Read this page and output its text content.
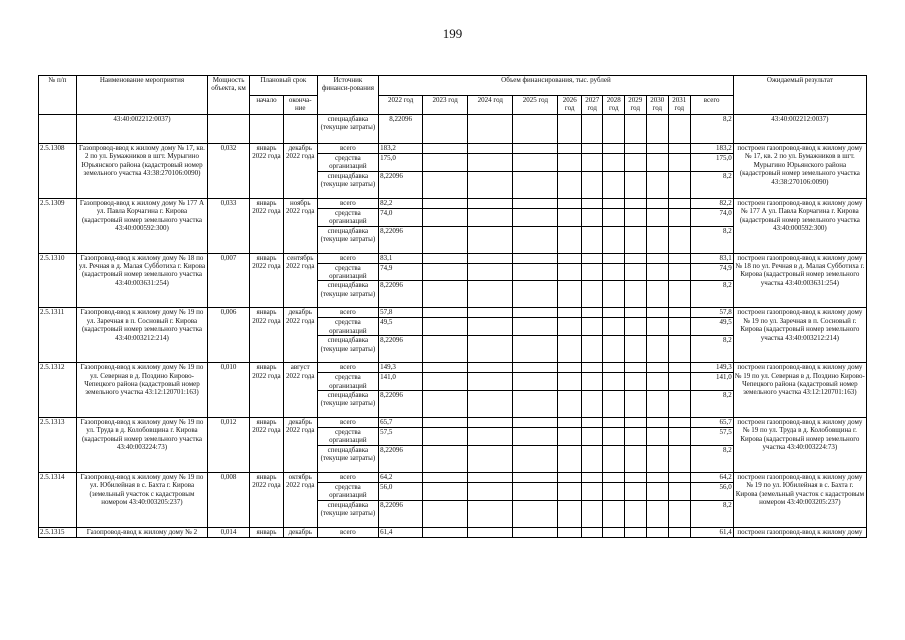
199
№ п/п	Наименование мероприятия	Мощность объекта, км	Плановый срок		Источник финанси-рования	Объем финансирования, тыс. рублей											Ожидаемый результат
			начало	оконча-ние		2022 год	2023 год	2024 год	2025 год	2026 год	2027 год	2028 год	2029 год	2030 год	2031 год	всего	

	43:40:002212:0037)				спецнадбавка (текущие затраты)	8,22096										8,2	43:40:002212:0037)
2.5.1308	Газопровод-ввод к жилому дому № 17, кв. 2 по ул. Бумажников в шгт. Мурыгино Юрьянского района (кадастровый номер земельного участка 43:38:270106:0090)	0,032	январь 2022 года	декабрь 2022 года	всего	183,2										183,2	построен газопровод-ввод к жилому дому № 17, кв. 2 по ул. Бумажников в шгт. Мурыгино Юрьянского района (кадастровый номер земельного участка 43:38:270106:0090)
					средства организаций	175,0										175,0	
					спецнадбавка (текущие затраты)	8,22096										8,2	
2.5.1309	Газопровод-ввод к жилому дому № 177 А ул. Павла Корчагина г. Кирова (кадастровый номер земельного участка 43:40:000592:300)	0,033	январь 2022 года	ноябрь 2022 года	всего	82,2										82,2	построен газопровод-ввод к жилому дому № 177 А ул. Павла Корчагина г. Кирова (кадастровый номер земельного участка 43:40:000592:300)
					средства организаций	74,0										74,0	
					спецнадбавка (текущие затраты)	8,22096										8,2	
2.5.1310	Газопровод-ввод к жилому дому № 18 по ул. Речная в д. Малая Субботиха г. Кирова (кадастровый номер земельного участка 43:40:003631:254)	0,007	январь 2022 года	сентябрь 2022 года	всего	83,1										83,1	построен газопровод-ввод к жилому дому № 18 по ул. Речная в д. Малая Субботиха г. Кирова (кадастровый номер земельного участка 43:40:003631:254)
					средства организаций	74,9										74,9	
					спецнадбавка (текущие затраты)	8,22096										8,2	
2.5.1311	Газопровод-ввод к жилому дому № 19 по ул. Заречная в п. Сосновый г. Кирова (кадастровый номер земельного участка 43:40:003212:214)	0,006	январь 2022 года	декабрь 2022 года	всего	57,8										57,8	построен газопровод-ввод к жилому дому № 19 по ул. Заречная в п. Сосновый г. Кирова (кадастровый номер земельного участка 43:40:003212:214)
					средства организаций	49,5										49,5	
					спецнадбавка (текущие затраты)	8,22096										8,2	
2.5.1312	Газопровод-ввод к жилому дому № 19 по ул. Северная в д. Поздино Кирово-Чепецкого района (кадастровый номер земельного участка 43:12:120701:163)	0,010	январь 2022 года	август 2022 года	всего	149,3										149,3	построен газопровод-ввод к жилому дому № 19 по ул. Северная в д. Поздино Кирово-Чепецкого района (кадастровый номер земельного участка 43:12:120701:163)
					средства организаций	141,0										141,0	
					спецнадбавка (текущие затраты)	8,22096										8,2	
2.5.1313	Газопровод-ввод к жилому дому № 19 по ул. Труда в д. Колобовщина г. Кирова (кадастровый номер земельного участка 43:40:003224:73)	0,012	январь 2022 года	декабрь 2022 года	всего	65,7										65,7	построен газопровод-ввод к жилому дому № 19 по ул. Труда в д. Колобовщина г. Кирова (кадастровый номер земельного участка 43:40:003224:73)
					средства организаций	57,5										57,5	
					спецнадбавка (текущие затраты)	8,22096										8,2	
2.5.1314	Газопровод-ввод к жилому дому № 19 по ул. Юбилейная в с. Бахта г. Кирова (земельный участок с кадастровым номером 43:40:003205:237)	0,008	январь 2022 года	октябрь 2022 года	всего	64,2										64,2	построен газопровод-ввод к жилому дому № 19 по ул. Юбилейная в с. Бахта г. Кирова (земельный участок с кадастровым номером 43:40:003205:237)
					средства организаций	56,0										56,0	
					спецнадбавка (текущие затраты)	8,22096										8,2	
2.5.1315	Газопровод-ввод к жилому дому № 2	0,014	январь	декабрь	всего	61,4										61,4	построен газопровод-ввод к жилому дому
